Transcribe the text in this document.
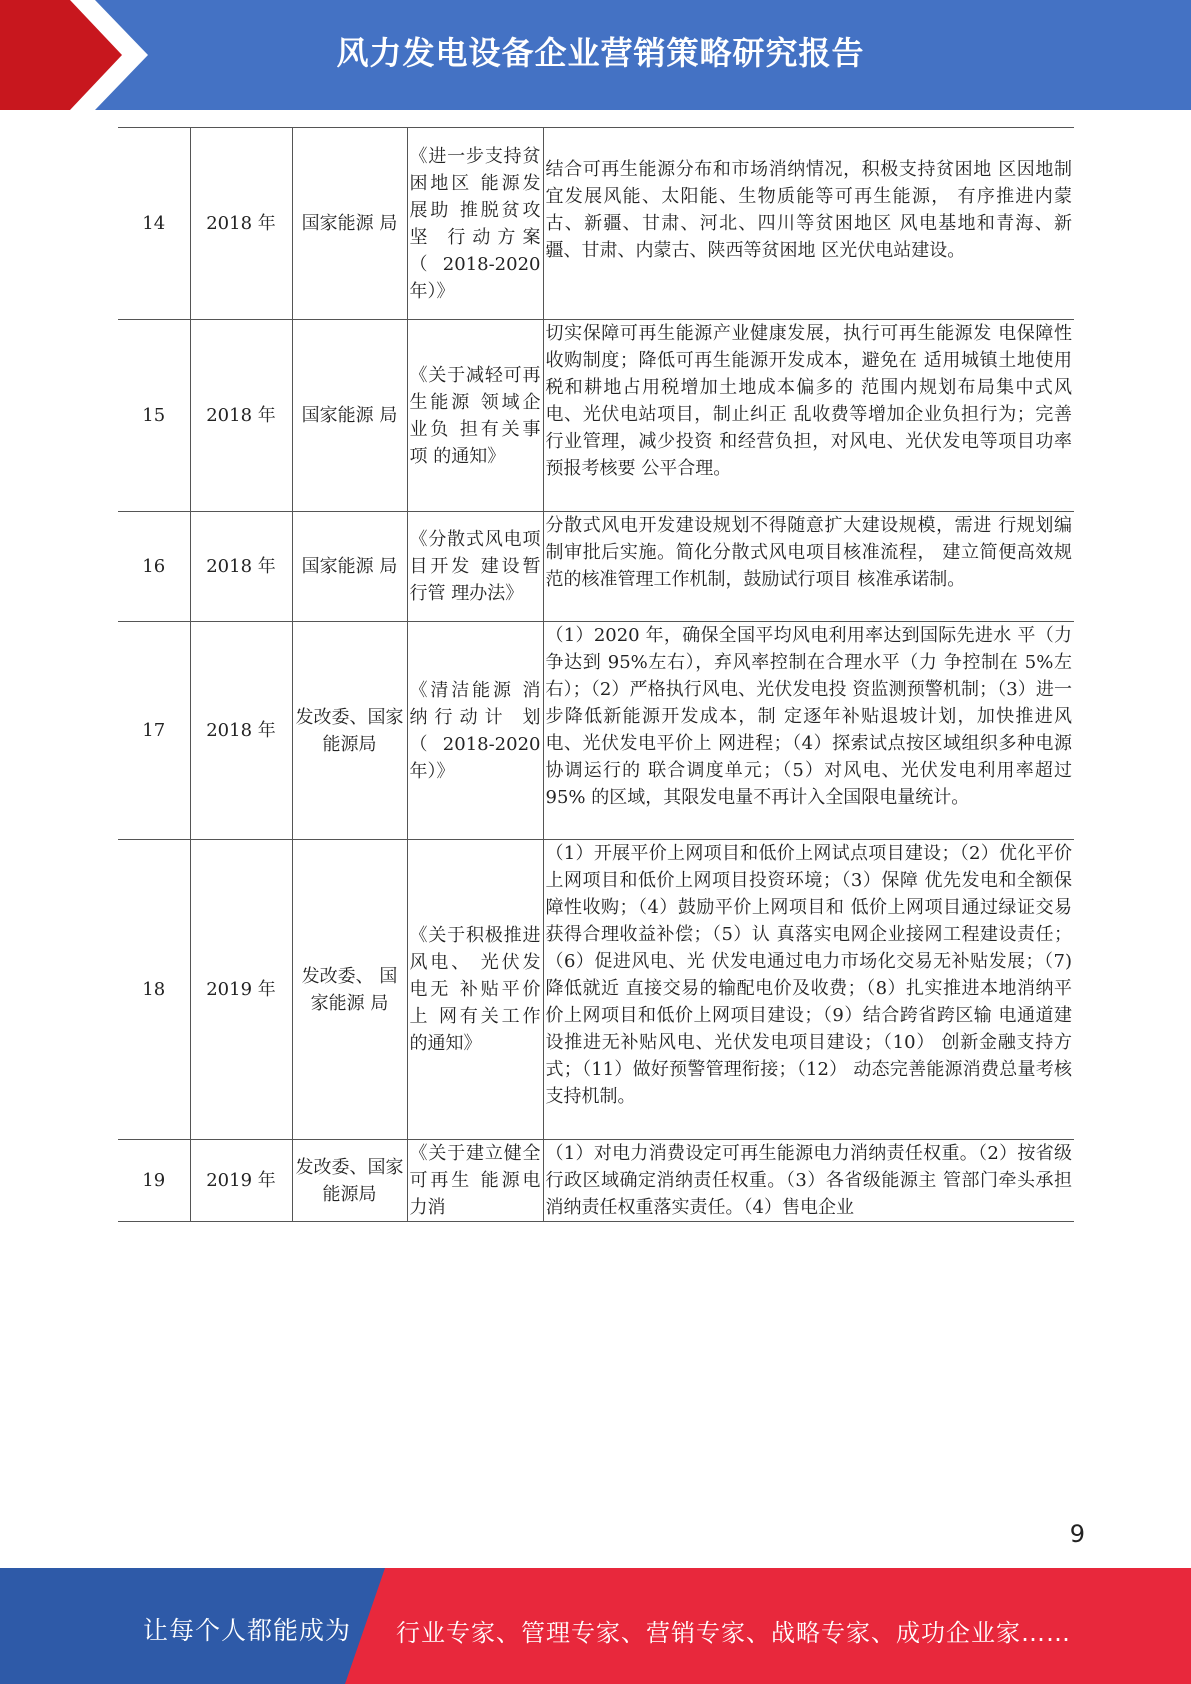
风力发电设备企业营销策略研究报告
14	2018 年	国家能源 局	《进一步支持贫困地区 能源发展助 推脱贫攻坚 行动方案（2018-2020 年）》	结合可再生能源分布和市场消纳情况，积极支持贫困地 区因地制宜发展风能、太阳能、生物质能等可再生能源， 有序推进内蒙古、新疆、甘肃、河北、四川等贫困地区 风电基地和青海、新疆、甘肃、内蒙古、陕西等贫困地 区光伏电站建设。
15	2018 年	国家能源 局	《关于减轻可再生能源 领域企业负 担有关事项 的通知》	切实保障可再生能源产业健康发展，执行可再生能源发 电保障性收购制度；降低可再生能源开发成本，避免在 适用城镇土地使用税和耕地占用税增加土地成本偏多的 范围内规划布局集中式风电、光伏电站项目，制止纠正 乱收费等增加企业负担行为；完善行业管理，减少投资 和经营负担，对风电、光伏发电等项目功率预报考核要 公平合理。
16	2018 年	国家能源 局	《分散式风电项目开发 建设暂行管 理办法》	分散式风电开发建设规划不得随意扩大建设规模，需进 行规划编制审批后实施。简化分散式风电项目核准流程， 建立简便高效规范的核准管理工作机制，鼓励试行项目 核准承诺制。
17	2018 年	发改委、国家能源局	《清洁能源 消纳行动计 划（2018-2020 年）》	（1）2020 年，确保全国平均风电利用率达到国际先进水 平（力争达到 95%左右），弃风率控制在合理水平（力 争控制在 5%左右）；（2）严格执行风电、光伏发电投 资监测预警机制；（3）进一步降低新能源开发成本，制 定逐年补贴退坡计划，加快推进风电、光伏发电平价上 网进程；（4）探索试点按区域组织多种电源协调运行的 联合调度单元；（5）对风电、光伏发电利用率超过 95% 的区域，其限发电量不再计入全国限电量统计。
18	2019 年	发改委、 国家能源 局	《关于积极推进风电、 光伏发电无 补贴平价上 网有关工作 的通知》	（1）开展平价上网项目和低价上网试点项目建设；（2）优化平价上网项目和低价上网项目投资环境；（3）保障 优先发电和全额保障性收购；（4）鼓励平价上网项目和 低价上网项目通过绿证交易获得合理收益补偿；（5）认 真落实电网企业接网工程建设责任；（6）促进风电、光 伏发电通过电力市场化交易无补贴发展；（7)降低就近 直接交易的输配电价及收费；（8）扎实推进本地消纳平 价上网项目和低价上网项目建设；（9）结合跨省跨区输 电通道建设推进无补贴风电、光伏发电项目建设；（10） 创新金融支持方式；（11）做好预警管理衔接；（12） 动态完善能源消费总量考核支持机制。
19	2019 年	发改委、国家能源局	《关于建立健全可再生 能源电力消	（1）对电力消费设定可再生能源电力消纳责任权重。（2）按省级行政区域确定消纳责任权重。（3）各省级能源主 管部门牵头承担消纳责任权重落实责任。（4）售电企业
9
让每个人都能成为 行业专家、管理专家、营销专家、战略专家、成功企业家……
